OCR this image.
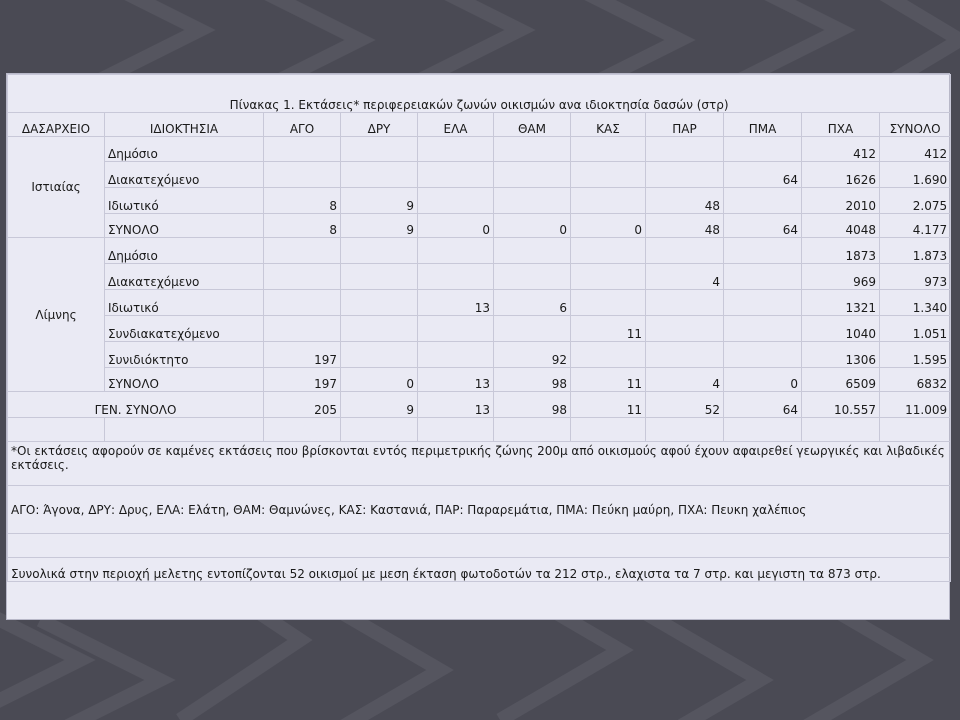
Πίνακας 1. Εκτάσεις* περιφερειακών ζωνών οικισμών ανα ιδιοκτησία δασών (στρ)										
ΔΑΣΑΡΧΕΙΟ	ΙΔΙΟΚΤΗΣΙΑ	ΑΓΟ	ΔΡΥ	ΕΛΑ	ΘΑΜ	ΚΑΣ	ΠΑΡ	ΠΜΑ	ΠΧΑ	ΣΥΝΟΛΟ
Ιστιαίας	Δημόσιο								412	412
	Διακατεχόμενο							64	1626	1.690
	Ιδιωτικό	8	9				48		2010	2.075
	ΣΥΝΟΛΟ	8	9	0	0	0	48	64	4048	4.177
Λίμνης	Δημόσιο								1873	1.873
	Διακατεχόμενο						4		969	973
	Ιδιωτικό			13	6				1321	1.340
	Συνδιακατεχόμενο					11			1040	1.051
	Συνιδιόκτητο	197			92				1306	1.595
	ΣΥΝΟΛΟ	197	0	13	98	11	4	0	6509	6832
ΓΕΝ. ΣΥΝΟΛΟ		205	9	13	98	11	52	64	10.557	11.009

*Οι εκτάσεις αφορούν σε καμένες εκτάσεις που βρίσκονται εντός περιμετρικής ζώνης 200μ από οικισμούς αφού έχουν αφαιρεθεί γεωργικές και λιβαδικές εκτάσεις.										
ΑΓΟ: Άγονα, ΔΡΥ: Δρυς, ΕΛΑ: Ελάτη, ΘΑΜ: Θαμνώνες, ΚΑΣ: Καστανιά, ΠΑΡ: Παραρεμάτια, ΠΜΑ: Πεύκη μαύρη, ΠΧΑ: Πευκη χαλέπιος										

Συνολικά στην περιοχή μελετης εντοπίζονται 52 οικισμοί με μεση έκταση φωτοδοτών τα 212 στρ., ελαχιστα τα 7 στρ. και μεγιστη τα 873 στρ.										
